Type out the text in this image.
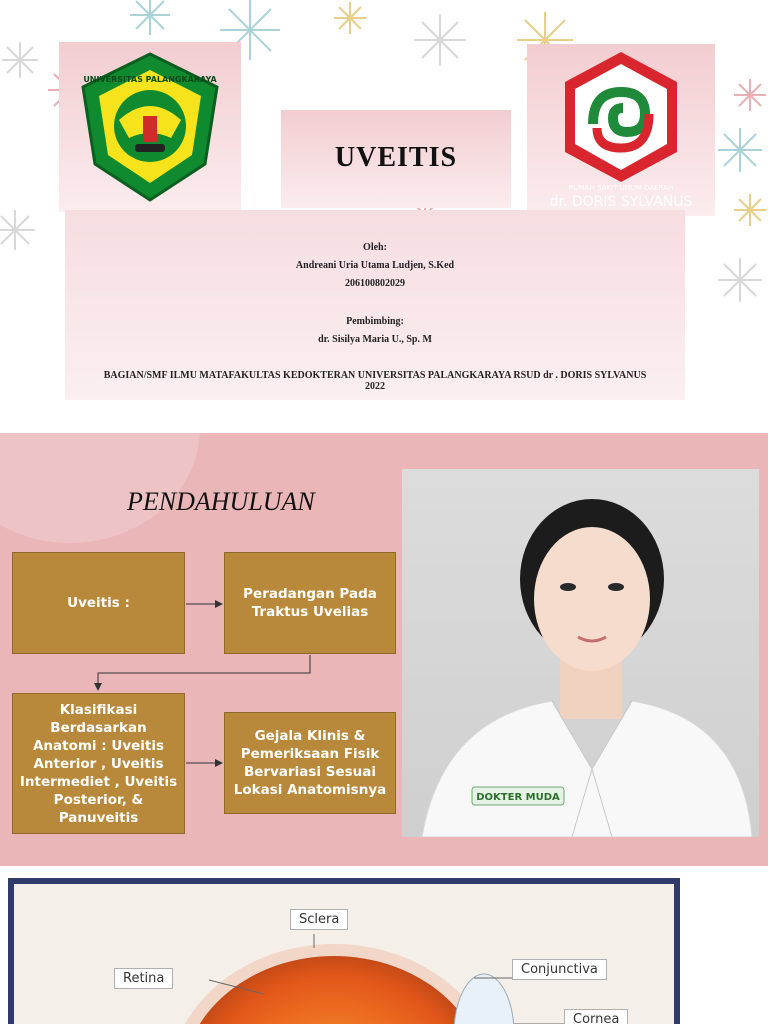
UNIVERSITAS PALANGKARAYA
UVEITIS
RUMAH SAKIT UMUM DAERAH
dr. DORIS SYLVANUS
Oleh:
Andreani Uria Utama Ludjen, S.Ked
206100802029
Pembimbing:
dr. Sisilya Maria U., Sp. M
BAGIAN/SMF ILMU MATAFAKULTAS KEDOKTERAN UNIVERSITAS PALANGKARAYA RSUD dr . DORIS SYLVANUS 2022
PENDAHULUAN
Uveitis :
Peradangan Pada Traktus Uvelias
Klasifikasi Berdasarkan Anatomi : Uveitis Anterior , Uveitis Intermediet , Uveitis Posterior, & Panuveitis
Gejala Klinis & Pemeriksaan Fisik Bervariasi Sesuai Lokasi Anatomisnya	DOKTER MUDA
Sclera
Retina
Conjunctiva
Cornea
